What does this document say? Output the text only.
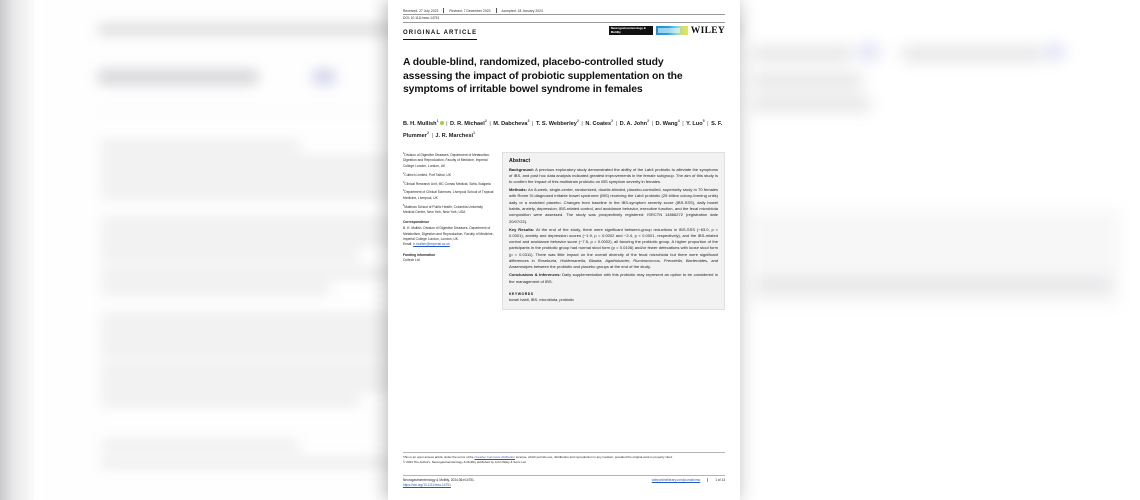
Received: 27 July 2023	Revised: 7 December 2023	Accepted: 18 January 2024
DOI: 10.1111/nmo.14751
ORIGINAL ARTICLE
Neurogastroenterology & Motility	WILEY
A double-blind, randomized, placebo-controlled study assessing the impact of probiotic supplementation on the symptoms of irritable bowel syndrome in females
B. H. Mullish$^1$ | D. R. Michael$^2$ | M. Dabcheva$^3$ | T. S. Webberley$^2$ | N. Coates$^2$ | D. A. John$^2$ | D. Wang$^4$ | Y. Luo$^5$ | S. F. Plummer$^2$ | J. R. Marchesi$^1$

$^1$Division of Digestive Diseases, Department of Metabolism, Digestion and Reproduction, Faculty of Medicine, Imperial College London, London, UK

$^2$Cultech Limited, Port Talbot, UK

$^3$Clinical Research Unit, MC Comac Medical, Sofia, Bulgaria

$^4$Department of Clinical Sciences, Liverpool School of Tropical Medicine, Liverpool, UK

$^5$Mailman School of Public Health, Columbia University Medical Centre, New York, New York, USA

Correspondence

B. H. Mullish, Division of Digestive Diseases, Department of Metabolism, Digestion and Reproduction, Faculty of Medicine, Imperial College London, London, UK.
Email: b.mullish@imperial.ac.uk

Funding information

Cultech Ltd

Abstract

Background: A previous exploratory study demonstrated the ability of the Lab4 probiotic to alleviate the symptoms of IBS, and post hoc data analysis indicated greatest improvements in the female subgroup. The aim of this study is to confirm the impact of this multistrain probiotic on IBS symptom severity in females.

Methods: An 8-week, single-center, randomized, double-blinded, placebo-controlled, superiority study in 70 females with Rome IV-diagnosed irritable bowel syndrome (IBS) receiving the Lab4 probiotic (25 billion colony-forming units) daily or a matched placebo. Changes from baseline in the IBS-symptom severity score (IBS-SSS), daily bowel habits, anxiety, depression, IBS-related control, and avoidance behavior, executive function, and the fecal microbiota composition were assessed. The study was prospectively registered: ISRCTN 14866272 (registration date 20/07/22).

Key Results: At the end of the study, there were significant between-group reductions in IBS-SSS (−83.0, p < 0.0001), anxiety and depression scores (−1.9, p = 0.0002 and −2.4, p < 0.0001, respectively), and the IBS-related control and avoidance behavior score (−7.5, p = 0.0002), all favoring the probiotic group. A higher proportion of the participants in the probiotic group had normal stool form (p = 0.0106) and/or fewer defecations with loose stool form (p = 0.0311). There was little impact on the overall diversity of the fecal microbiota but there were significant differences in Roseburia, Holdemanella, Blautia, Agathobacter, Ruminococcus, Prevotella, Bacteroides, and Anaerostipes between the probiotic and placebo groups at the end of the study.

Conclusions & Inferences: Daily supplementation with this probiotic may represent an option to be considered in the management of IBS.

KEYWORDS
bowel habit, IBS, microbiota, probiotic
This is an open access article under the terms of the Creative Commons Attribution License, which permits use, distribution and reproduction in any medium, provided the original work is properly cited.
© 2024 The Authors. Neurogastroenterology & Motility published by John Wiley & Sons Ltd.
Neurogastroenterology & Motility. 2024;36:e14751.
https://doi.org/10.1111/nmo.14751
wileyonlinelibrary.com/journal/nmo	1 of 13
